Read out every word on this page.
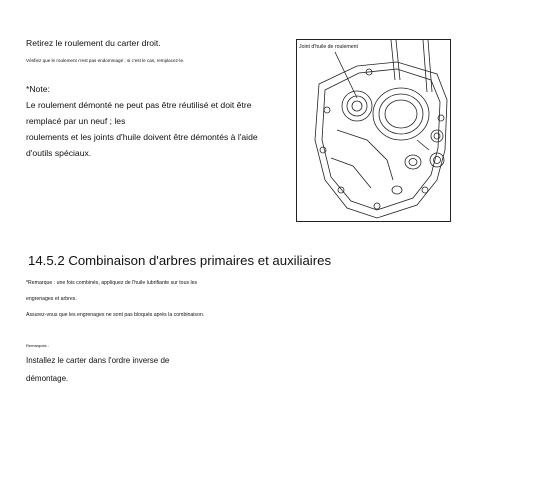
Retirez le roulement du carter droit.
Vérifiez que le roulement n'est pas endommagé ; si c'est le cas, remplacez-le.
*Note:
Le roulement démonté ne peut pas être réutilisé et doit être
remplacé par un neuf ; les
roulements et les joints d'huile doivent être démontés à l'aide
d'outils spéciaux.
Joint d'huile de roulement
14.5.2 Combinaison d'arbres primaires et auxiliaires
*Remarque : une fois combinés, appliquez de l'huile lubrifiante sur tous les
engrenages et arbres.
Assurez-vous que les engrenages ne sont pas bloqués après la combinaison.
Remarques :
Installez le carter dans l'ordre inverse de
démontage.
